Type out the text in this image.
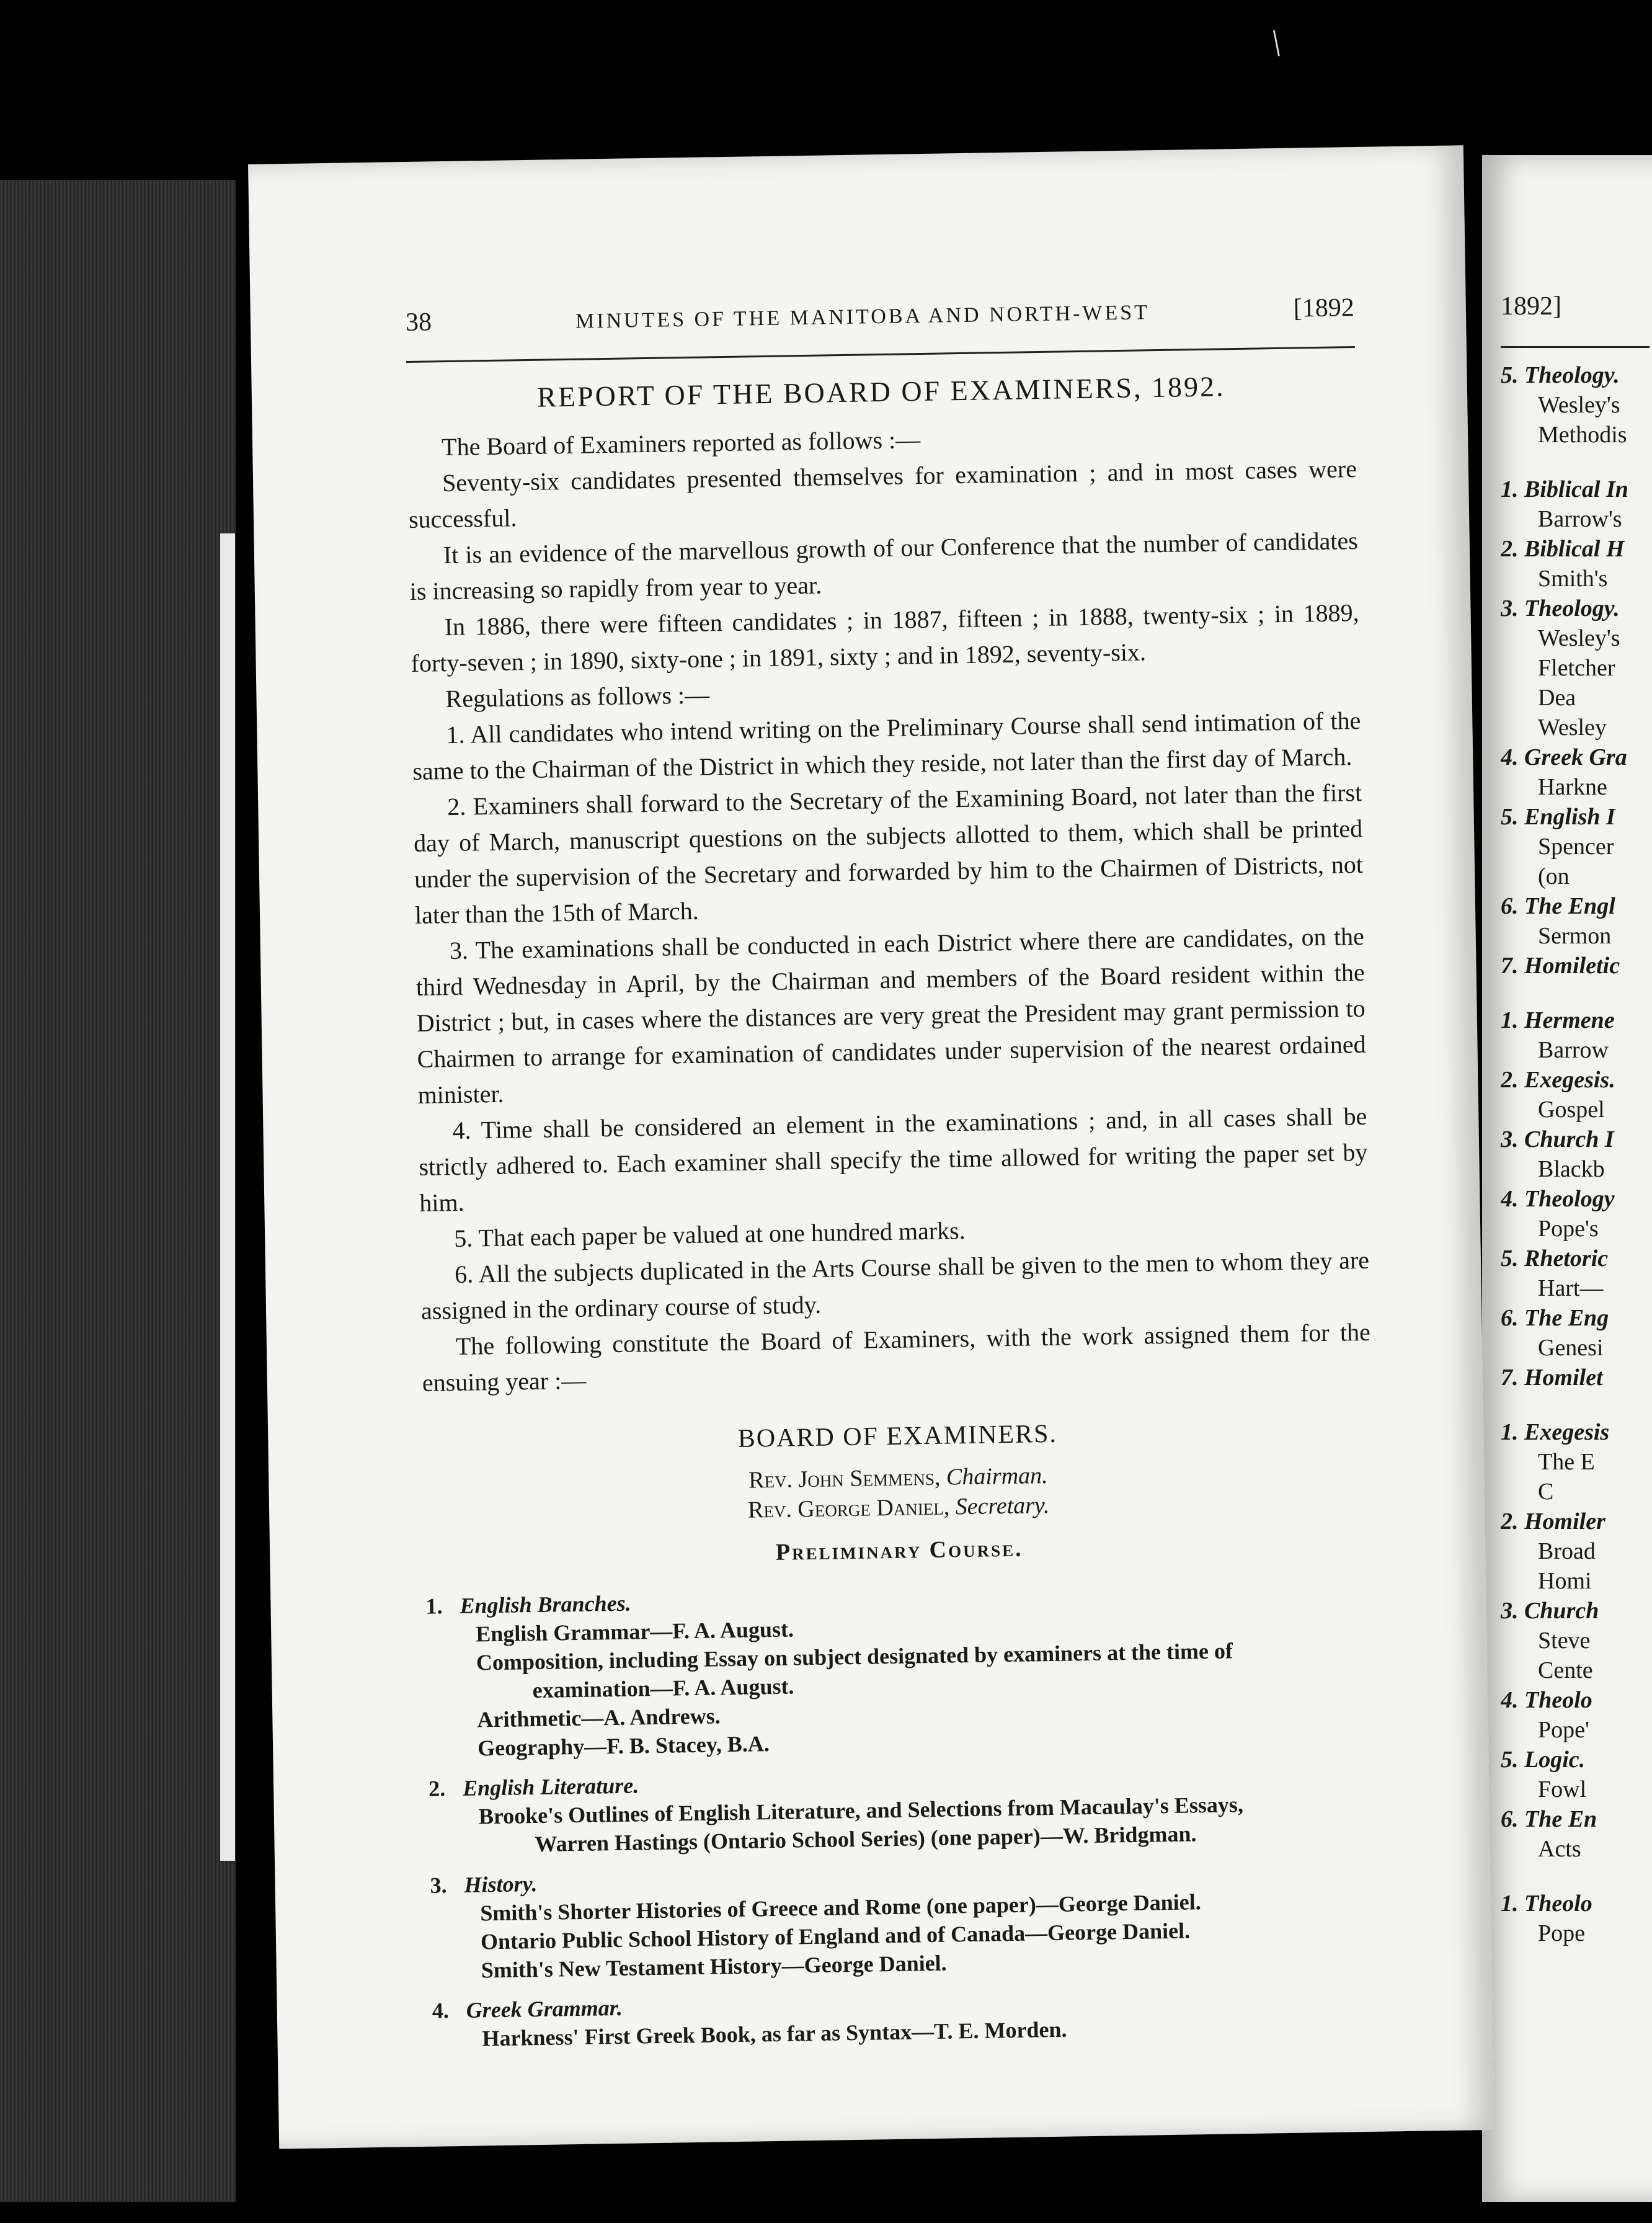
/
38	MINUTES OF THE MANITOBA AND NORTH-WEST	[1892
REPORT OF THE BOARD OF EXAMINERS, 1892.

The Board of Examiners reported as follows :—

Seventy-six candidates presented themselves for examination ; and in most cases were successful.

It is an evidence of the marvellous growth of our Conference that the number of candidates is increasing so rapidly from year to year.

In 1886, there were fifteen candidates ; in 1887, fifteen ; in 1888, twenty-six ; in 1889, forty-seven ; in 1890, sixty-one ; in 1891, sixty ; and in 1892, seventy-six.

Regulations as follows :—

1. All candidates who intend writing on the Preliminary Course shall send intimation of the same to the Chairman of the District in which they reside, not later than the first day of March.

2. Examiners shall forward to the Secretary of the Examining Board, not later than the first day of March, manuscript questions on the subjects allotted to them, which shall be printed under the supervision of the Secretary and forwarded by him to the Chairmen of Districts, not later than the 15th of March.

3. The examinations shall be conducted in each District where there are candidates, on the third Wednesday in April, by the Chairman and members of the Board resident within the District ; but, in cases where the distances are very great the President may grant permission to Chairmen to arrange for examination of candidates under supervision of the nearest ordained minister.

4. Time shall be considered an element in the examinations ; and, in all cases shall be strictly adhered to. Each examiner shall specify the time allowed for writing the paper set by him.

5. That each paper be valued at one hundred marks.

6. All the subjects duplicated in the Arts Course shall be given to the men to whom they are assigned in the ordinary course of study.

The following constitute the Board of Examiners, with the work assigned them for the ensuing year :—

BOARD OF EXAMINERS.
Rev. John Semmens, Chairman.
Rev. George Daniel, Secretary.
Preliminary Course.
1. English Branches.
English Grammar—F. A. August.
Composition, including Essay on subject designated by examiners at the time of
examination—F. A. August.
Arithmetic—A. Andrews.
Geography—F. B. Stacey, B.A.
2. English Literature.
Brooke's Outlines of English Literature, and Selections from Macaulay's Essays,
Warren Hastings (Ontario School Series) (one paper)—W. Bridgman.
3. History.
Smith's Shorter Histories of Greece and Rome (one paper)—George Daniel.
Ontario Public School History of England and of Canada—George Daniel.
Smith's New Testament History—George Daniel.
4. Greek Grammar.
Harkness' First Greek Book, as far as Syntax—T. E. Morden.
1892]
5. Theology.
Wesley's
Methodis
1. Biblical In
Barrow's
2. Biblical H
Smith's
3. Theology.
Wesley's
Fletcher
Dea
Wesley
4. Greek Gra
Harkne
5. English I
Spencer
(on
6. The Engl
Sermon
7. Homiletic
1. Hermene
Barrow
2. Exegesis.
Gospel
3. Church I
Blackb
4. Theology
Pope's
5. Rhetoric
Hart—
6. The Eng
Genesi
7. Homilet
1. Exegesis
The E
C
2. Homiler
Broad
Homi
3. Church
Steve
Cente
4. Theolo
Pope'
5. Logic.
Fowl
6. The En
Acts
1. Theolo
Pope
